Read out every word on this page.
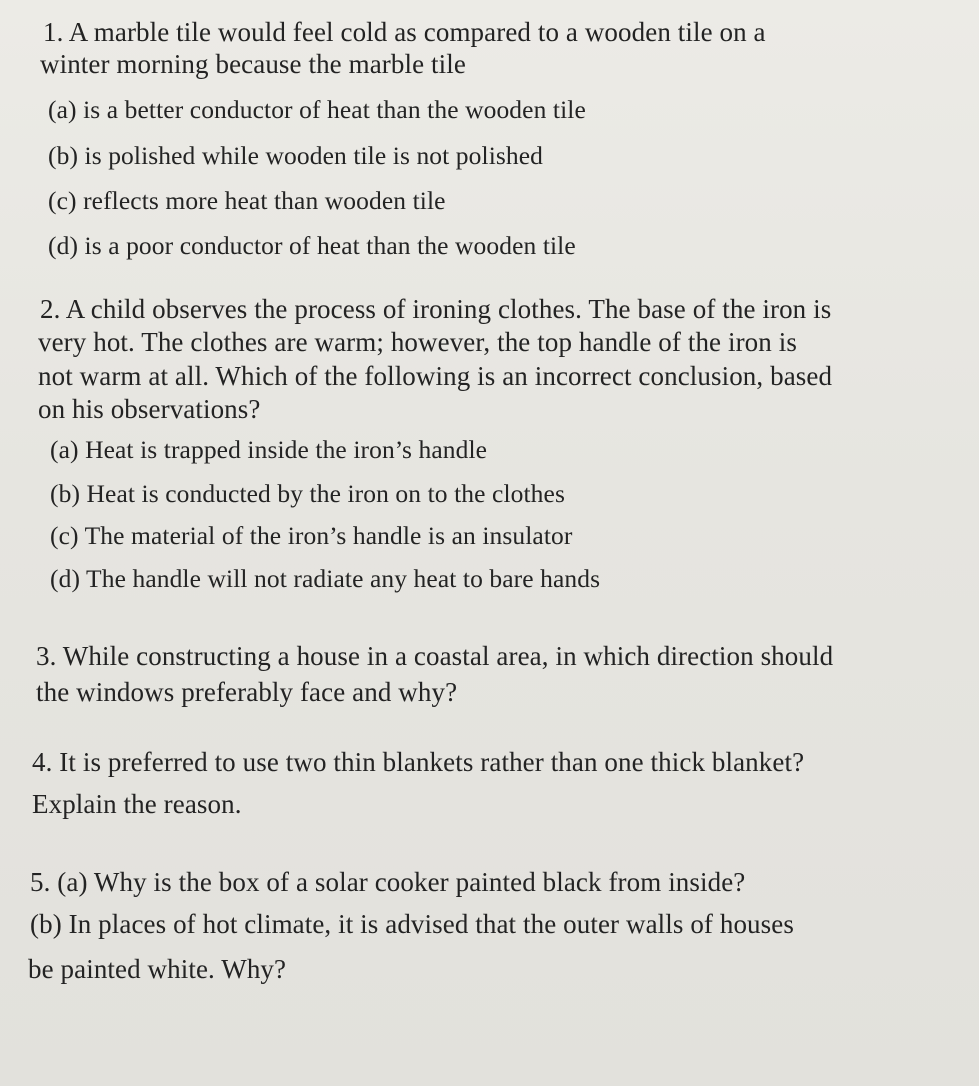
1. A marble tile would feel cold as compared to a wooden tile on a
winter morning because the marble tile
(a) is a better conductor of heat than the wooden tile
(b) is polished while wooden tile is not polished
(c) reflects more heat than wooden tile
(d) is a poor conductor of heat than the wooden tile
2. A child observes the process of ironing clothes. The base of the iron is
very hot. The clothes are warm; however, the top handle of the iron is
not warm at all. Which of the following is an incorrect conclusion, based
on his observations?
(a) Heat is trapped inside the iron’s handle
(b) Heat is conducted by the iron on to the clothes
(c) The material of the iron’s handle is an insulator
(d) The handle will not radiate any heat to bare hands
3. While constructing a house in a coastal area, in which direction should
the windows preferably face and why?
4. It is preferred to use two thin blankets rather than one thick blanket?
Explain the reason.
5. (a) Why is the box of a solar cooker painted black from inside?
(b) In places of hot climate, it is advised that the outer walls of houses
be painted white. Why?
